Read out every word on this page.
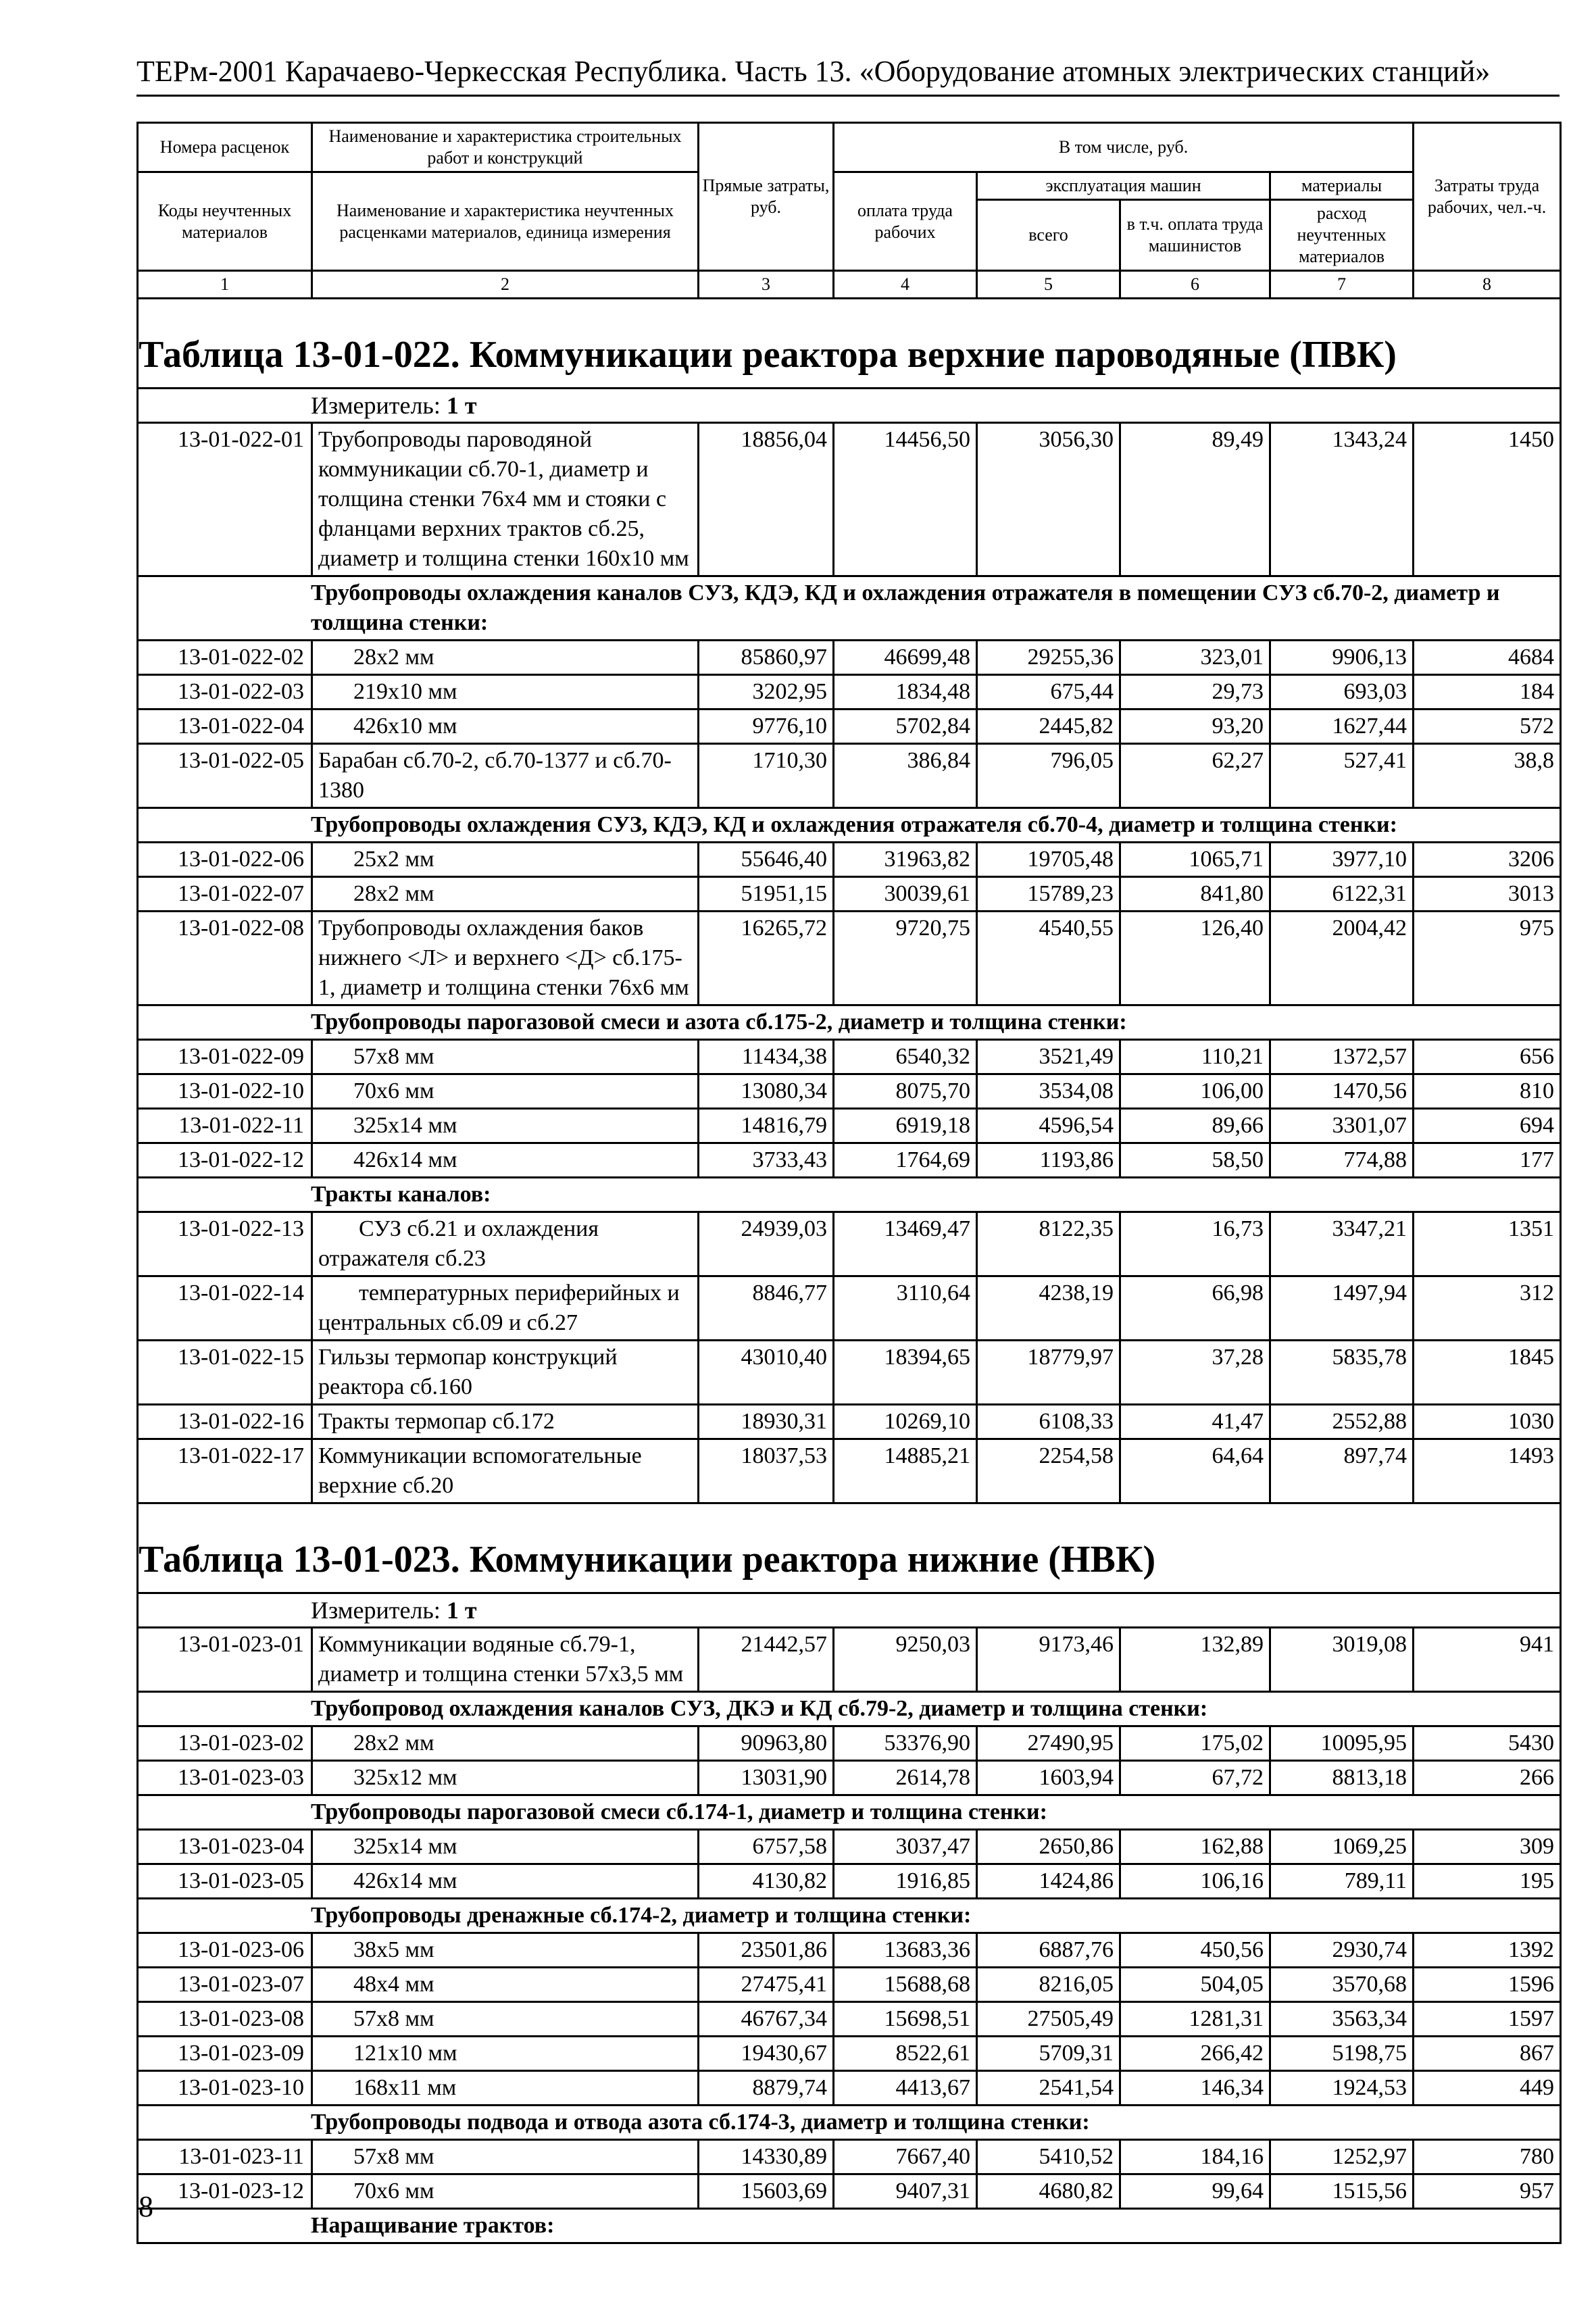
ТЕРм-2001 Карачаево-Черкесская Республика. Часть 13. «Оборудование атомных электрических станций»
Номера расценок	Наименование и характеристика строительных работ и конструкций	Прямые затраты, руб.	В том числе, руб.				Затраты труда рабочих, чел.-ч.
Коды неучтенных материалов	Наименование и характеристика неучтенных расценками материалов, единица измерения		оплата труда рабочих	эксплуатация машин		материалы	
				всего	в т.ч. оплата труда машинистов	расход неучтенных материалов	
1	2	3	4	5	6	7	8
Таблица 13-01-022. Коммуникации реактора верхние пароводяные (ПВК)							
Измеритель: 1 т							
13-01-022-01	Трубопроводы пароводяной коммуникации сб.70-1, диаметр и толщина стенки 76х4 мм и стояки с фланцами верхних трактов сб.25, диаметр и толщина стенки 160х10 мм	18856,04	14456,50	3056,30	89,49	1343,24	1450
Трубопроводы охлаждения каналов СУЗ, КДЭ, КД и охлаждения отражателя в помещении СУЗ сб.70-2, диаметр и толщина стенки:							
13-01-022-02	28х2 мм	85860,97	46699,48	29255,36	323,01	9906,13	4684
13-01-022-03	219х10 мм	3202,95	1834,48	675,44	29,73	693,03	184
13-01-022-04	426х10 мм	9776,10	5702,84	2445,82	93,20	1627,44	572
13-01-022-05	Барабан сб.70-2, сб.70-1377 и сб.70-1380	1710,30	386,84	796,05	62,27	527,41	38,8
Трубопроводы охлаждения СУЗ, КДЭ, КД и охлаждения отражателя сб.70-4, диаметр и толщина стенки:							
13-01-022-06	25х2 мм	55646,40	31963,82	19705,48	1065,71	3977,10	3206
13-01-022-07	28х2 мм	51951,15	30039,61	15789,23	841,80	6122,31	3013
13-01-022-08	Трубопроводы охлаждения баков нижнего <Л> и верхнего <Д> сб.175-1, диаметр и толщина стенки 76х6 мм	16265,72	9720,75	4540,55	126,40	2004,42	975
Трубопроводы парогазовой смеси и азота сб.175-2, диаметр и толщина стенки:							
13-01-022-09	57х8 мм	11434,38	6540,32	3521,49	110,21	1372,57	656
13-01-022-10	70х6 мм	13080,34	8075,70	3534,08	106,00	1470,56	810
13-01-022-11	325х14 мм	14816,79	6919,18	4596,54	89,66	3301,07	694
13-01-022-12	426х14 мм	3733,43	1764,69	1193,86	58,50	774,88	177
Тракты каналов:							
13-01-022-13	СУЗ сб.21 и охлаждения отражателя сб.23	24939,03	13469,47	8122,35	16,73	3347,21	1351
13-01-022-14	температурных периферийных и центральных сб.09 и сб.27	8846,77	3110,64	4238,19	66,98	1497,94	312
13-01-022-15	Гильзы термопар конструкций реактора сб.160	43010,40	18394,65	18779,97	37,28	5835,78	1845
13-01-022-16	Тракты термопар сб.172	18930,31	10269,10	6108,33	41,47	2552,88	1030
13-01-022-17	Коммуникации вспомогательные верхние сб.20	18037,53	14885,21	2254,58	64,64	897,74	1493
Таблица 13-01-023. Коммуникации реактора нижние (НВК)							
Измеритель: 1 т							
13-01-023-01	Коммуникации водяные сб.79-1, диаметр и толщина стенки 57х3,5 мм	21442,57	9250,03	9173,46	132,89	3019,08	941
Трубопровод охлаждения каналов СУЗ, ДКЭ и КД сб.79-2, диаметр и толщина стенки:							
13-01-023-02	28х2 мм	90963,80	53376,90	27490,95	175,02	10095,95	5430
13-01-023-03	325х12 мм	13031,90	2614,78	1603,94	67,72	8813,18	266
Трубопроводы парогазовой смеси сб.174-1, диаметр и толщина стенки:							
13-01-023-04	325х14 мм	6757,58	3037,47	2650,86	162,88	1069,25	309
13-01-023-05	426х14 мм	4130,82	1916,85	1424,86	106,16	789,11	195
Трубопроводы дренажные сб.174-2, диаметр и толщина стенки:							
13-01-023-06	38х5 мм	23501,86	13683,36	6887,76	450,56	2930,74	1392
13-01-023-07	48х4 мм	27475,41	15688,68	8216,05	504,05	3570,68	1596
13-01-023-08	57х8 мм	46767,34	15698,51	27505,49	1281,31	3563,34	1597
13-01-023-09	121х10 мм	19430,67	8522,61	5709,31	266,42	5198,75	867
13-01-023-10	168х11 мм	8879,74	4413,67	2541,54	146,34	1924,53	449
Трубопроводы подвода и отвода азота сб.174-3, диаметр и толщина стенки:							
13-01-023-11	57х8 мм	14330,89	7667,40	5410,52	184,16	1252,97	780
13-01-023-12	70х6 мм	15603,69	9407,31	4680,82	99,64	1515,56	957
Наращивание трактов:							
8
